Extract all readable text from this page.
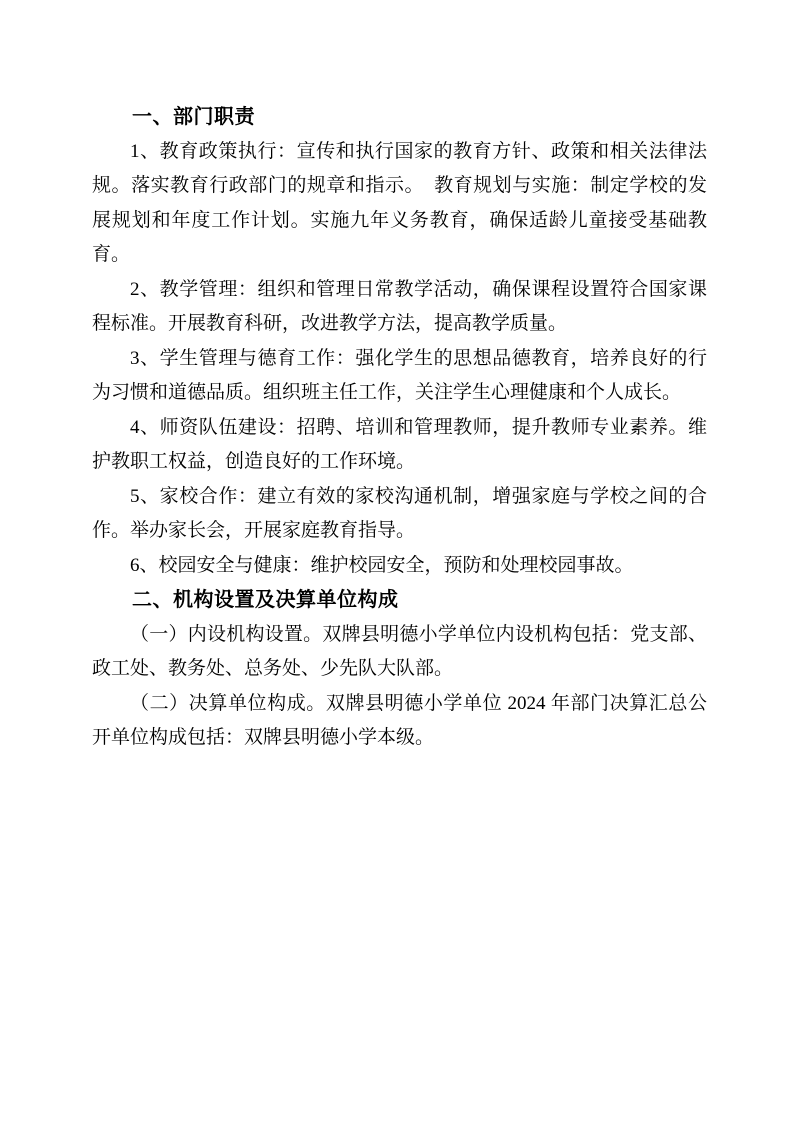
一、部门职责

1、教育政策执行：宣传和执行国家的教育方针、政策和相关法律法规。落实教育行政部门的规章和指示。　教育规划与实施：制定学校的发展规划和年度工作计划。实施九年义务教育，确保适龄儿童接受基础教育。

2、教学管理：组织和管理日常教学活动，确保课程设置符合国家课程标准。开展教育科研，改进教学方法，提高教学质量。

3、学生管理与德育工作：强化学生的思想品德教育，培养良好的行为习惯和道德品质。组织班主任工作，关注学生心理健康和个人成长。

4、师资队伍建设：招聘、培训和管理教师，提升教师专业素养。维护教职工权益，创造良好的工作环境。

5、家校合作：建立有效的家校沟通机制，增强家庭与学校之间的合作。举办家长会，开展家庭教育指导。

6、校园安全与健康：维护校园安全，预防和处理校园事故。

二、机构设置及决算单位构成

（一）内设机构设置。双牌县明德小学单位内设机构包括：党支部、政工处、教务处、总务处、少先队大队部。

（二）决算单位构成。双牌县明德小学单位 2024 年部门决算汇总公开单位构成包括：双牌县明德小学本级。
